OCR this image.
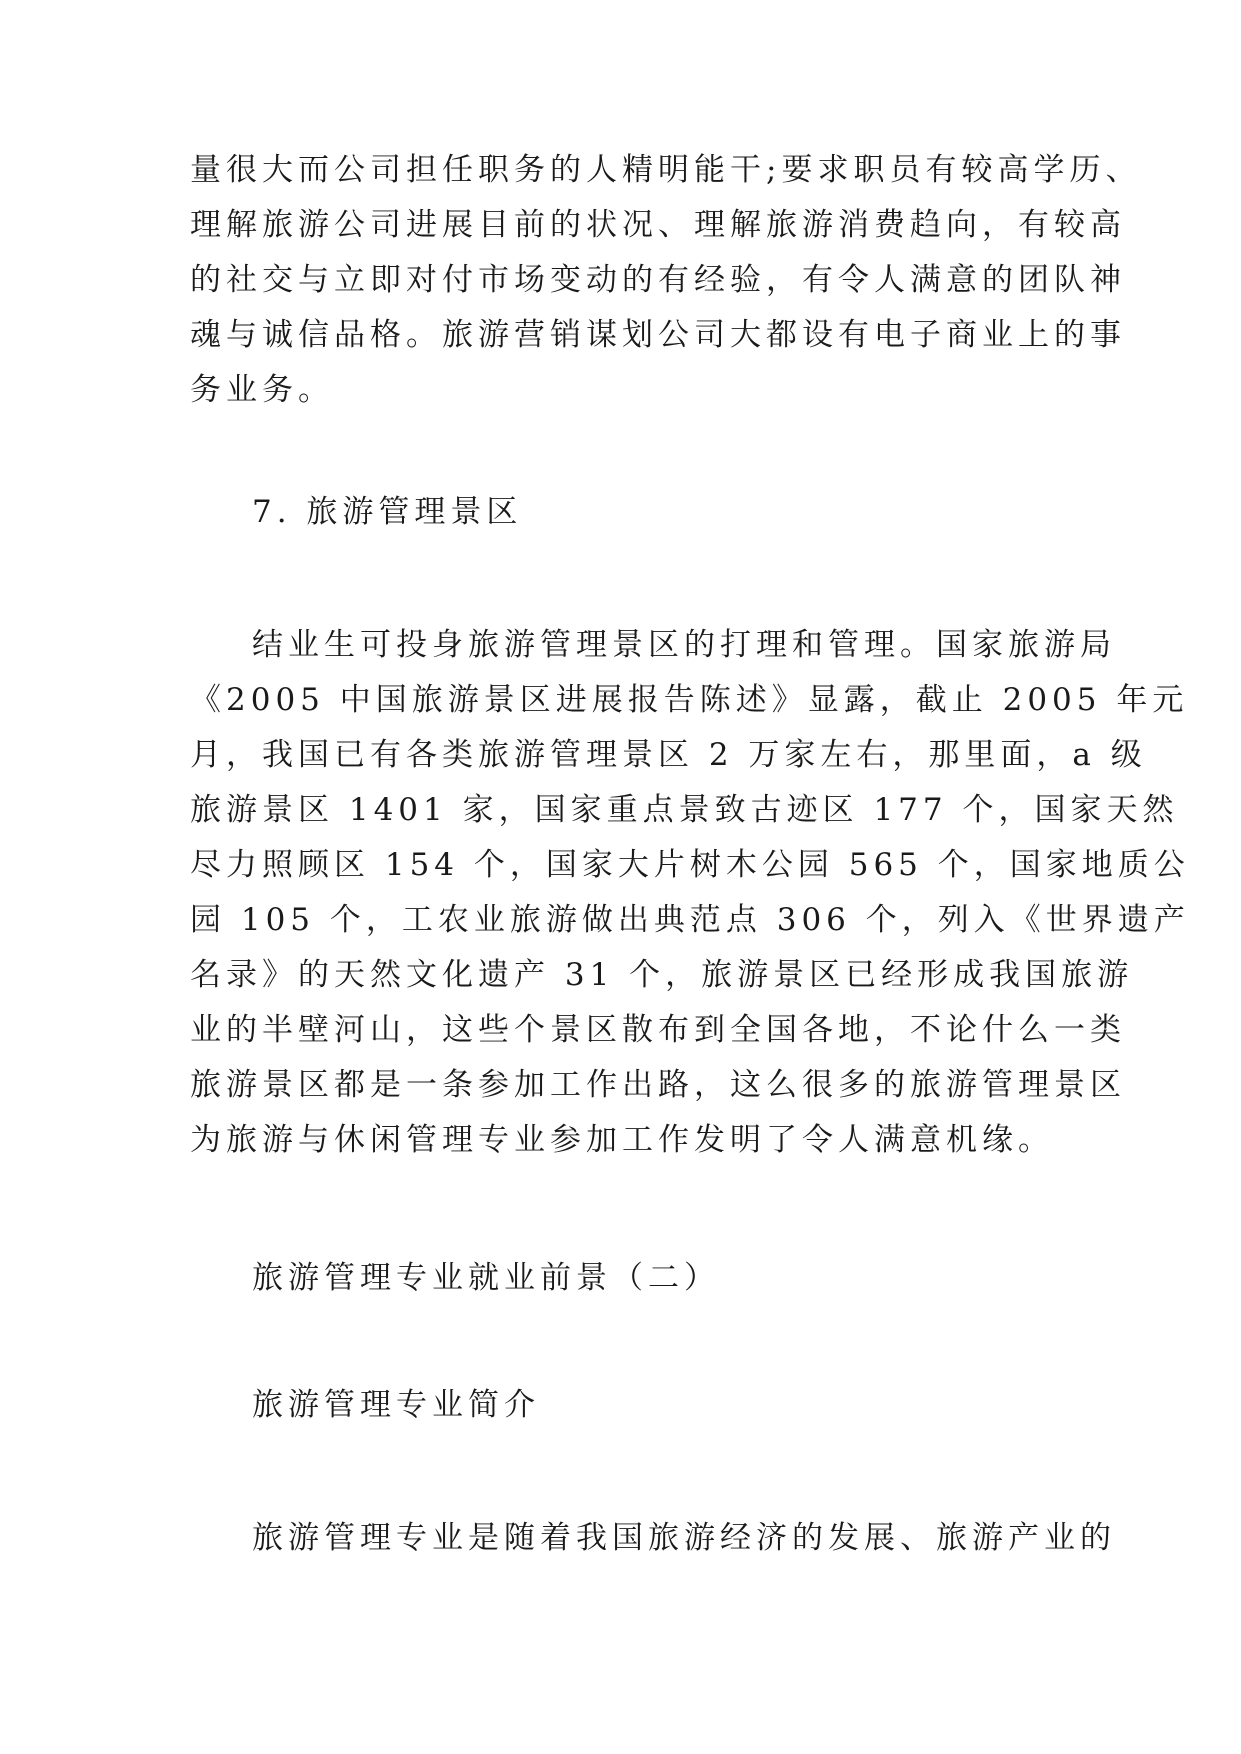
量很大而公司担任职务的人精明能干;要求职员有较高学历、
理解旅游公司进展目前的状况、理解旅游消费趋向，有较高
的社交与立即对付市场变动的有经验，有令人满意的团队神
魂与诚信品格。旅游营销谋划公司大都设有电子商业上的事
务业务。
7. 旅游管理景区
结业生可投身旅游管理景区的打理和管理。国家旅游局
《2005 中国旅游景区进展报告陈述》显露，截止 2005 年元
月，我国已有各类旅游管理景区 2 万家左右，那里面，a 级
旅游景区 1401 家，国家重点景致古迹区 177 个，国家天然
尽力照顾区 154 个，国家大片树木公园 565 个，国家地质公
园 105 个，工农业旅游做出典范点 306 个，列入《世界遗产
名录》的天然文化遗产 31 个，旅游景区已经形成我国旅游
业的半壁河山，这些个景区散布到全国各地，不论什么一类
旅游景区都是一条参加工作出路，这么很多的旅游管理景区
为旅游与休闲管理专业参加工作发明了令人满意机缘。
旅游管理专业就业前景（二）
旅游管理专业简介
旅游管理专业是随着我国旅游经济的发展、旅游产业的
